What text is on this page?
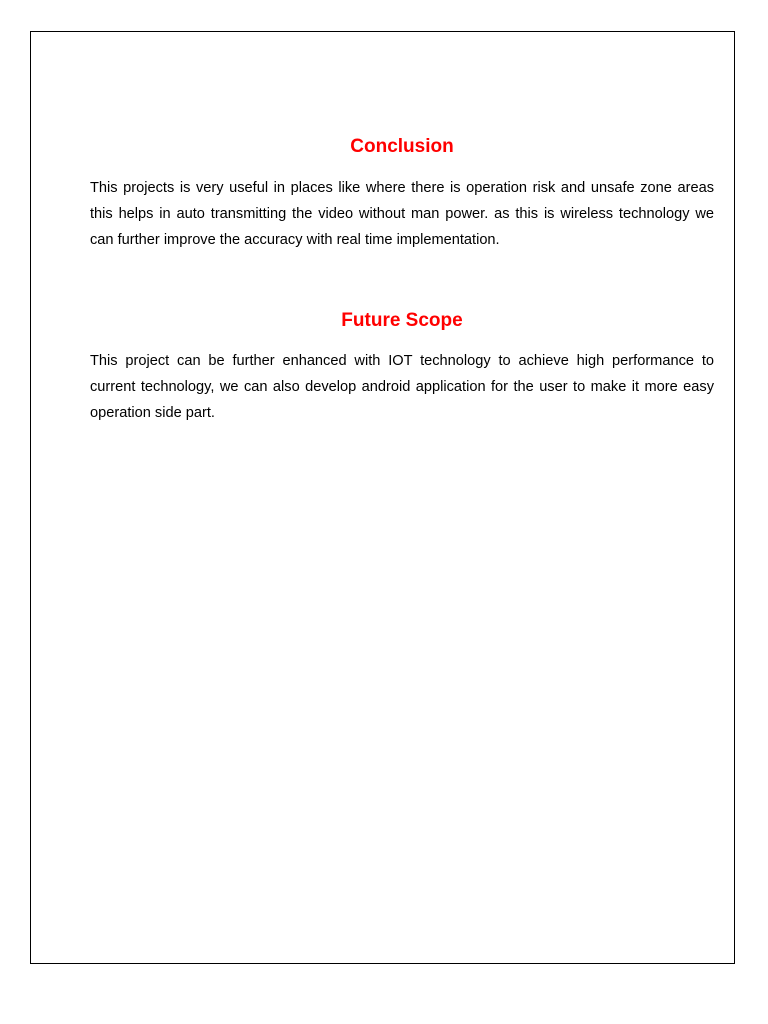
Conclusion

This projects is very useful in places like where there is operation risk and unsafe zone areas this helps in auto transmitting the video without man power. as this is wireless technology we can further improve the accuracy with real time implementation.

Future Scope

This project can be further enhanced with IOT technology to achieve high performance to current technology, we can also develop android application for the user to make it more easy operation side part.
